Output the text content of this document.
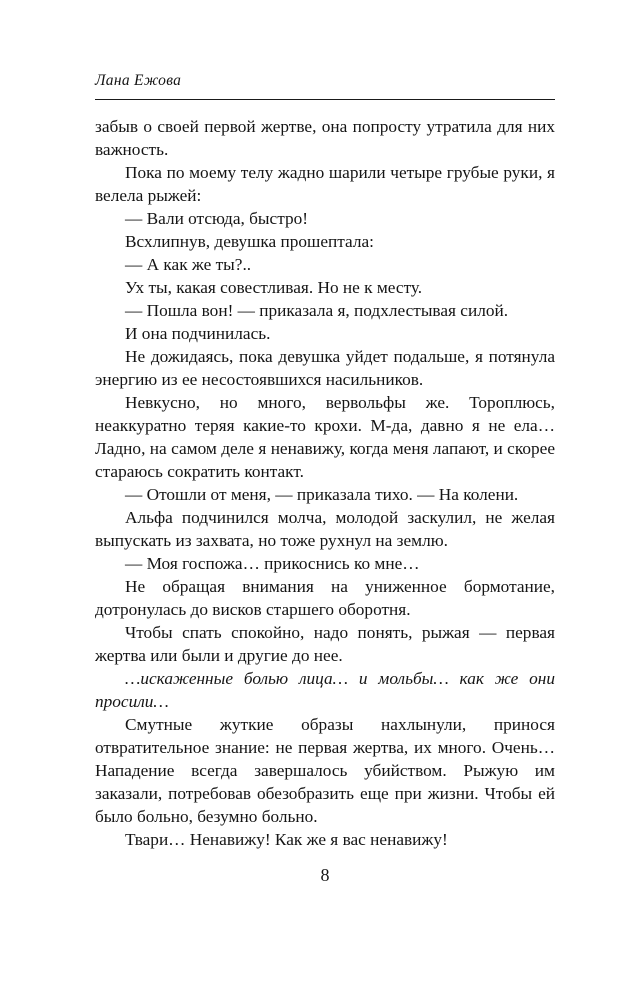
Лана Ежова

забыв о своей первой жертве, она попросту утратила для них важность.

Пока по моему телу жадно шарили четыре грубые руки, я велела рыжей:

— Вали отсюда, быстро!

Всхлипнув, девушка прошептала:

— А как же ты?..

Ух ты, какая совестливая. Но не к месту.

— Пошла вон! — приказала я, подхлестывая силой.

И она подчинилась.

Не дожидаясь, пока девушка уйдет подальше, я потянула энергию из ее несостоявшихся насильников.

Невкусно, но много, вервольфы же. Тороплюсь, неаккуратно теряя какие-то крохи. М-да, давно я не ела… Ладно, на самом деле я ненавижу, когда меня лапают, и скорее стараюсь сократить контакт.

— Отошли от меня, — приказала тихо. — На колени.

Альфа подчинился молча, молодой заскулил, не желая выпускать из захвата, но тоже рухнул на землю.

— Моя госпожа… прикоснись ко мне…

Не обращая внимания на униженное бормотание, дотронулась до висков старшего оборотня.

Чтобы спать спокойно, надо понять, рыжая — первая жертва или были и другие до нее.

…искаженные болью лица… и мольбы… как же они просили…

Смутные жуткие образы нахлынули, принося отвратительное знание: не первая жертва, их много. Очень… Нападение всегда завершалось убийством. Рыжую им заказали, потребовав обезобразить еще при жизни. Чтобы ей было больно, безумно больно.

Твари… Ненавижу! Как же я вас ненавижу!

8
